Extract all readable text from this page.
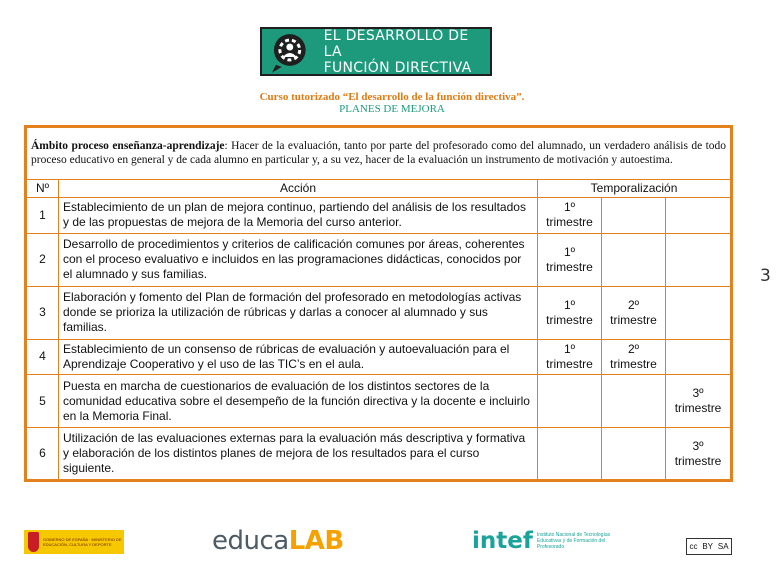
EL DESARROLLO DE LA
FUNCIÓN DIRECTIVA
Curso tutorizado “El desarrollo de la función directiva”.
PLANES DE MEJORA
3
Ámbito proceso enseñanza-aprendizaje: Hacer de la evaluación, tanto por parte del profesorado como del alumnado, un verdadero análisis de todo proceso educativo en general y de cada alumno en particular y, a su vez, hacer de la evaluación un instrumento de motivación y autoestima.				
Nº	Acción	Temporalización		
1	Establecimiento de un plan de mejora continuo, partiendo del análisis de los resultados y de las propuestas de mejora de la Memoria del curso anterior.	1º trimestre		
2	Desarrollo de procedimientos y criterios de calificación comunes por áreas, coherentes con el proceso evaluativo e incluidos en las programaciones didácticas, conocidos por el alumnado y sus familias.	1º trimestre		
3	Elaboración y fomento del Plan de formación del profesorado en metodologías activas donde se prioriza la utilización de rúbricas y darlas a conocer al alumnado y sus familias.	1º trimestre	2º trimestre	
4	Establecimiento de un consenso de rúbricas de evaluación y autoevaluación para el Aprendizaje Cooperativo y el uso de las TIC’s en el aula.	1º trimestre	2º trimestre	
5	Puesta en marcha de cuestionarios de evaluación de los distintos sectores de la comunidad educativa sobre el desempeño de la función directiva y la docente e incluirlo en la Memoria Final.			3º trimestre
6	Utilización de las evaluaciones externas para la evaluación más descriptiva y formativa y elaboración de los distintos planes de mejora de los resultados para el curso siguiente.			3º trimestre
GOBIERNO DE ESPAÑA · MINISTERIO DE EDUCACIÓN, CULTURA Y DEPORTE	educaLAB	intef Instituto Nacional de Tecnologías Educativas y de Formación del Profesorado	cc BY SA
